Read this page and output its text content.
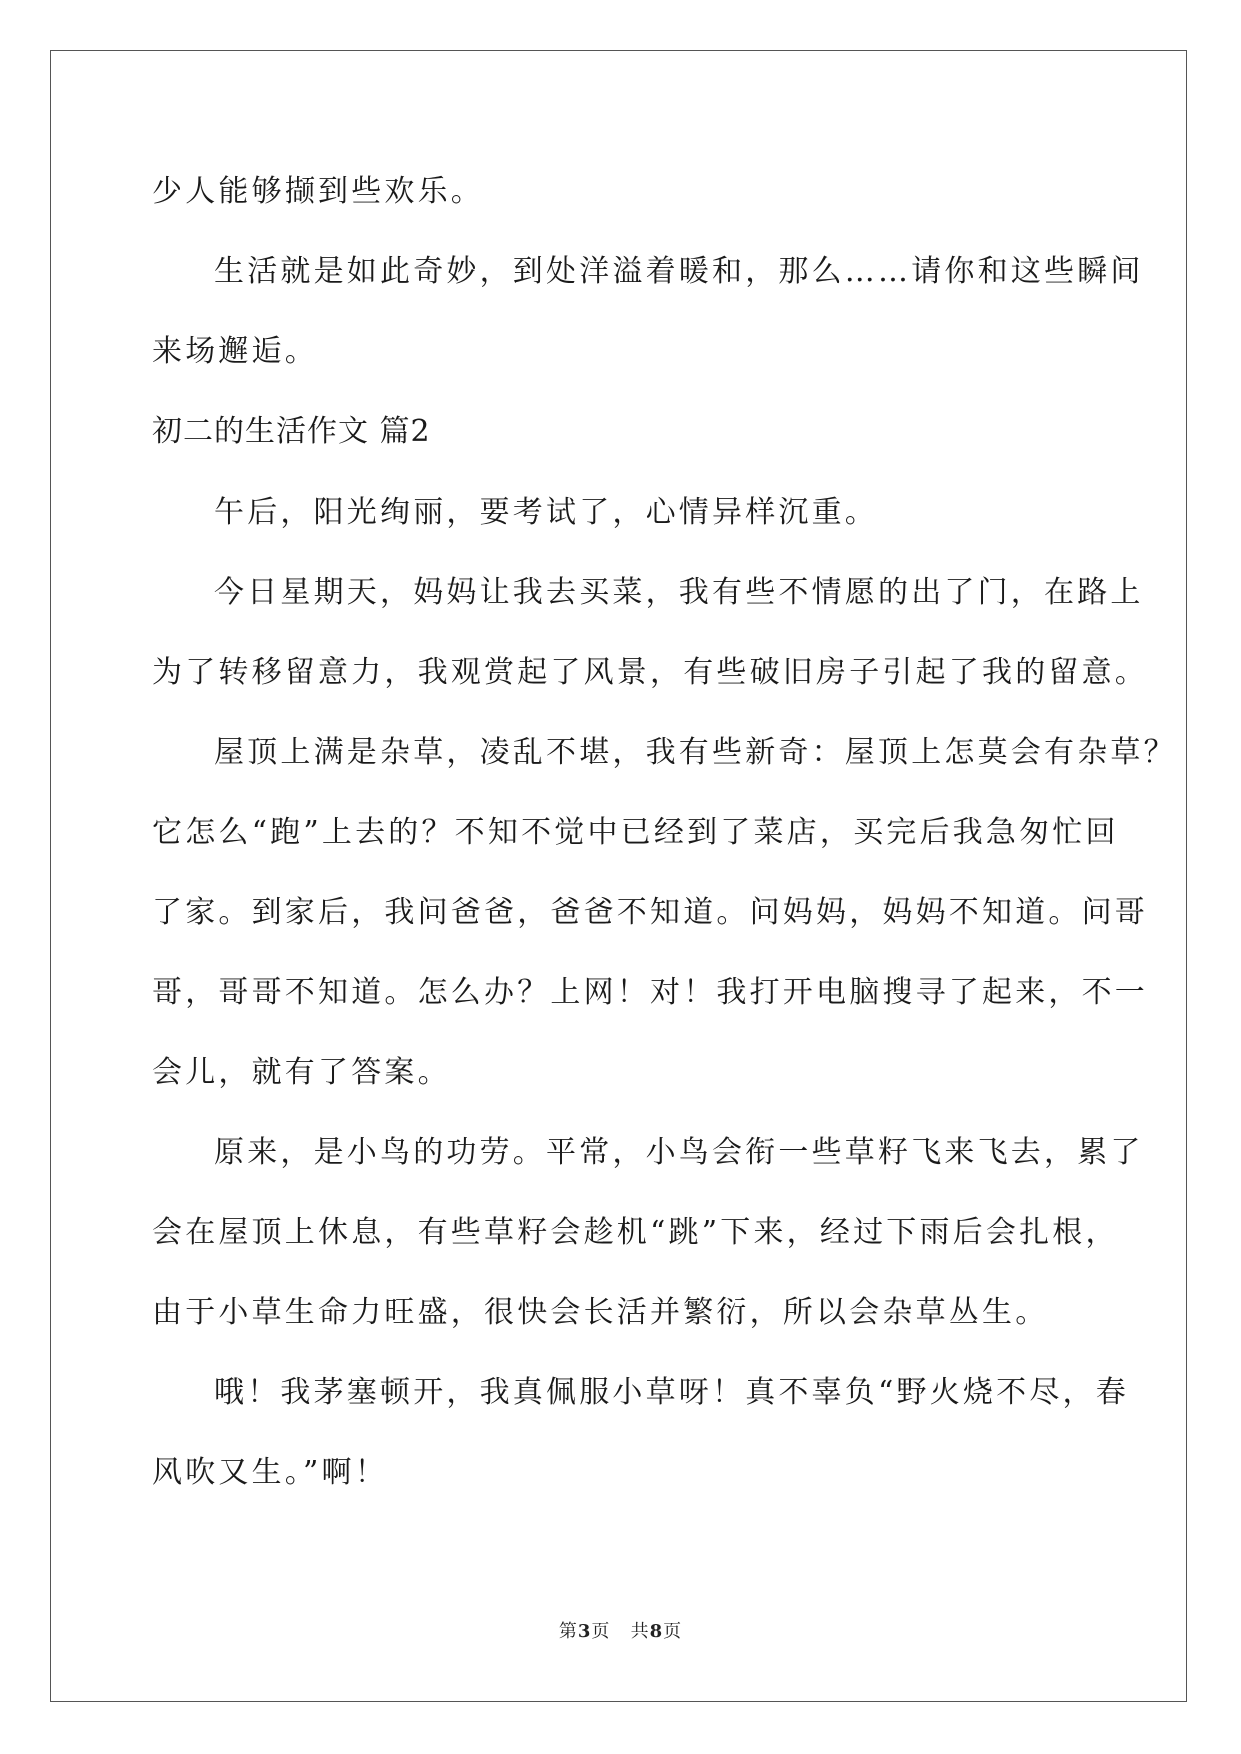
少人能够撷到些欢乐。
生活就是如此奇妙，到处洋溢着暖和，那么……请你和这些瞬间
来场邂逅。
初二的生活作文 篇2
午后，阳光绚丽，要考试了，心情异样沉重。
今日星期天，妈妈让我去买菜，我有些不情愿的出了门，在路上
为了转移留意力，我观赏起了风景，有些破旧房子引起了我的留意。
屋顶上满是杂草，凌乱不堪，我有些新奇：屋顶上怎莫会有杂草？
它怎么“跑”上去的？不知不觉中已经到了菜店，买完后我急匆忙回
了家。到家后，我问爸爸，爸爸不知道。问妈妈，妈妈不知道。问哥
哥，哥哥不知道。怎么办？上网！对！我打开电脑搜寻了起来，不一
会儿，就有了答案。
原来，是小鸟的功劳。平常，小鸟会衔一些草籽飞来飞去，累了
会在屋顶上休息，有些草籽会趁机“跳”下来，经过下雨后会扎根，
由于小草生命力旺盛，很快会长活并繁衍，所以会杂草丛生。
哦！我茅塞顿开，我真佩服小草呀！真不辜负“野火烧不尽，春
风吹又生。”啊！
第3页 共8页
